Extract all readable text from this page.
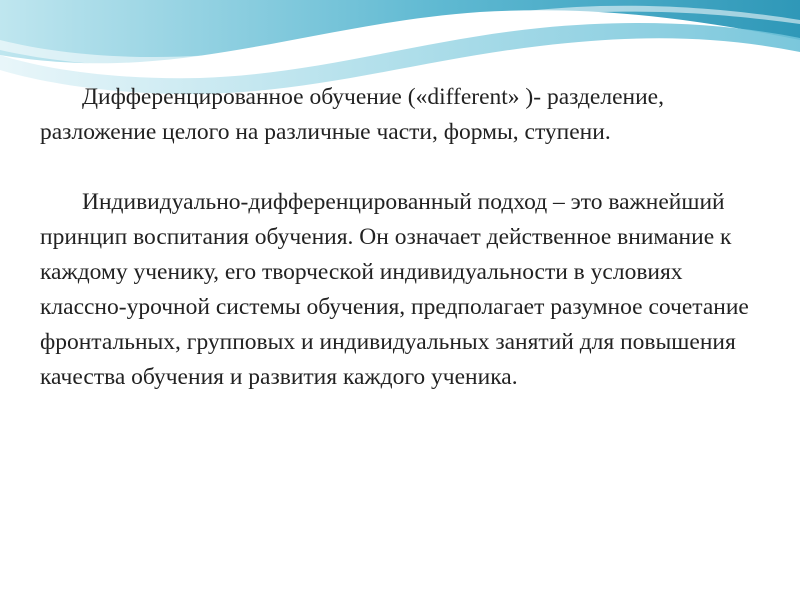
Дифференцированное обучение («different» )- разделение, разложение целого на различные части, формы, ступени.

Индивидуально-дифференцированный подход – это важнейший принцип воспитания обучения. Он означает действенное внимание к каждому ученику, его творческой индивидуальности в условиях классно-урочной системы обучения, предполагает разумное сочетание фронтальных, групповых и индивидуальных занятий для повышения качества обучения и развития каждого ученика.
